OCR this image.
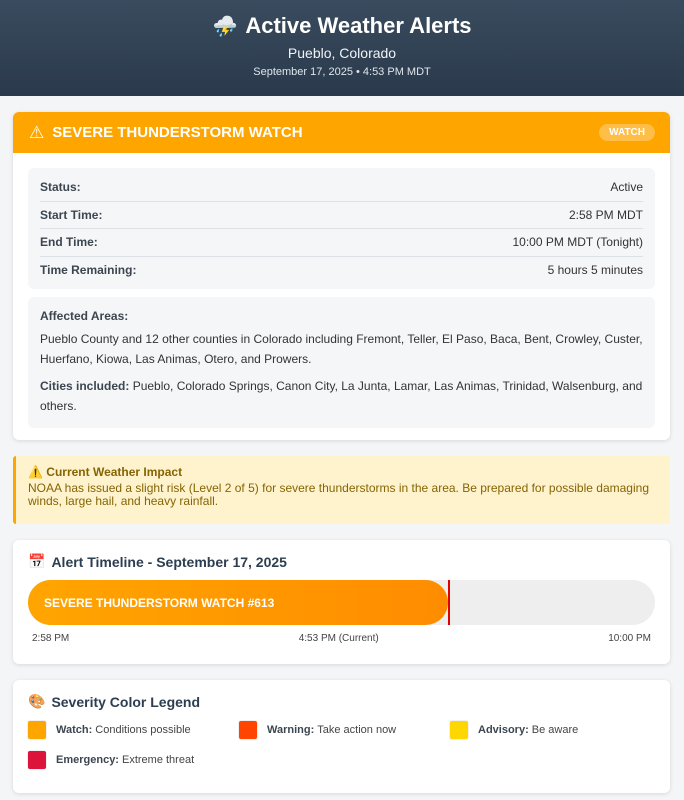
⛈️ Active Weather Alerts
Pueblo, Colorado
September 17, 2025 • 4:53 PM MDT
⚠ SEVERE THUNDERSTORM WATCH	WATCH
Status:	Active
Start Time:	2:58 PM MDT
End Time:	10:00 PM MDT (Tonight)
Time Remaining:	5 hours 5 minutes
Affected Areas:
Pueblo County and 12 other counties in Colorado including Fremont, Teller, El Paso, Baca, Bent, Crowley, Custer, Huerfano, Kiowa, Las Animas, Otero, and Prowers.
Cities included: Pueblo, Colorado Springs, Canon City, La Junta, Lamar, Las Animas, Trinidad, Walsenburg, and others.
⚠️ Current Weather Impact
NOAA has issued a slight risk (Level 2 of 5) for severe thunderstorms in the area. Be prepared for possible damaging winds, large hail, and heavy rainfall.
📅 Alert Timeline - September 17, 2025
SEVERE THUNDERSTORM WATCH #613
2:58 PM	4:53 PM (Current)	10:00 PM
🎨 Severity Color Legend
Watch: Conditions possible	Warning: Take action now	Advisory: Be aware
Emergency: Extreme threat
